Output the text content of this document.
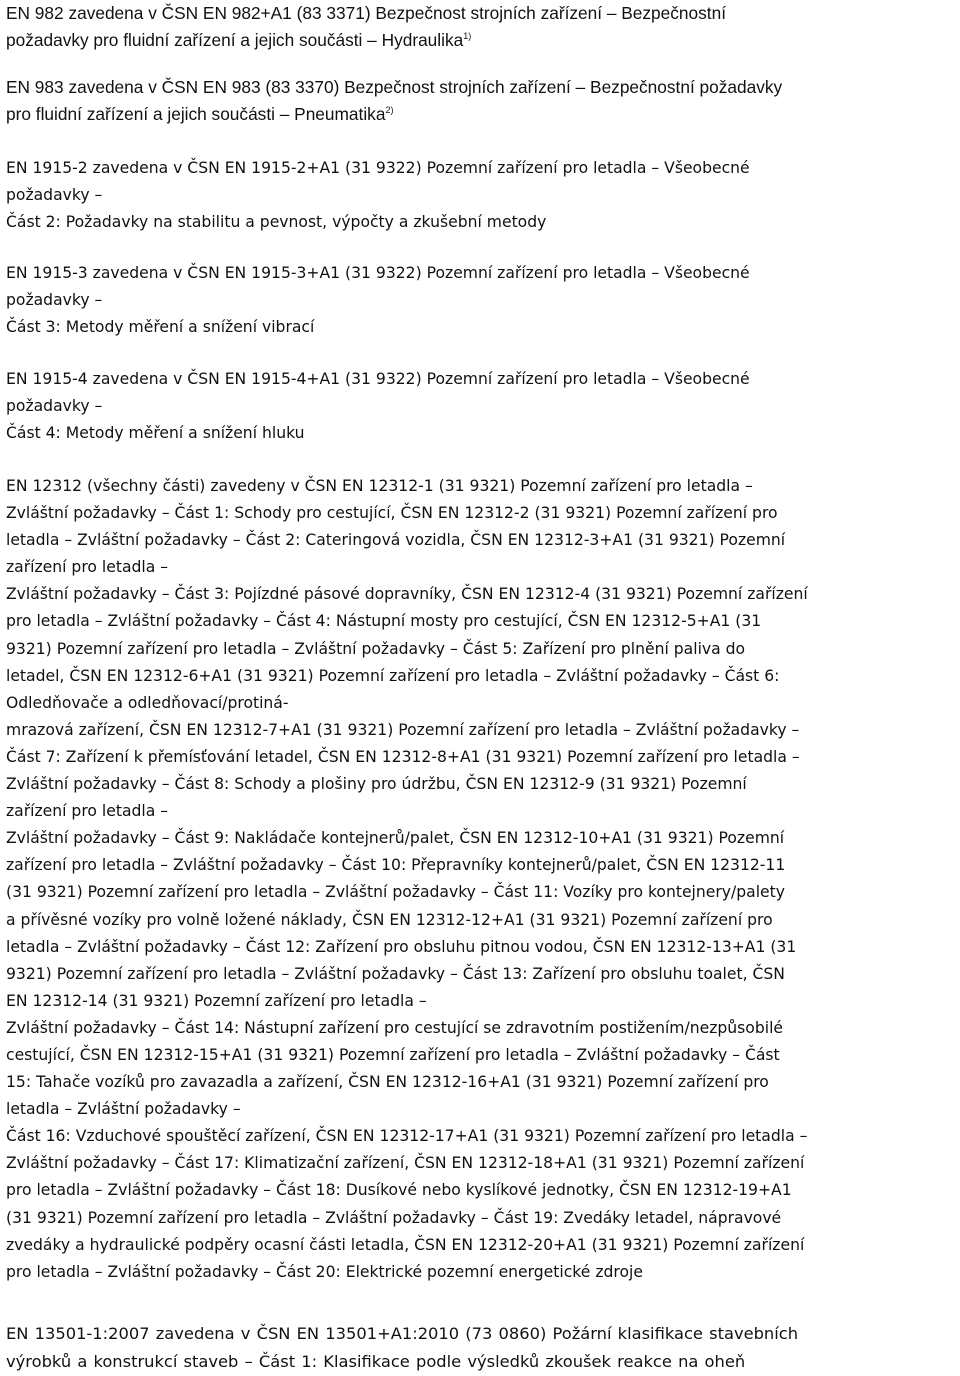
EN 982 zavedena v ČSN EN 982+A1 (83 3371) Bezpečnost strojních zařízení – Bezpečnostní
požadavky pro fluidní zařízení a jejich součásti – Hydraulika$^{1)}$

EN 983 zavedena v ČSN EN 983 (83 3370) Bezpečnost strojních zařízení – Bezpečnostní požadavky
pro fluidní zařízení a jejich součásti – Pneumatika$^{2)}$

EN 1915-2 zavedena v ČSN EN 1915-2+A1 (31 9322) Pozemní zařízení pro letadla – Všeobecné
požadavky –
Část 2: Požadavky na stabilitu a pevnost, výpočty a zkušební metody

EN 1915-3 zavedena v ČSN EN 1915-3+A1 (31 9322) Pozemní zařízení pro letadla – Všeobecné
požadavky –
Část 3: Metody měření a snížení vibrací

EN 1915-4 zavedena v ČSN EN 1915-4+A1 (31 9322) Pozemní zařízení pro letadla – Všeobecné
požadavky –
Část 4: Metody měření a snížení hluku

EN 12312 (všechny části) zavedeny v ČSN EN 12312-1 (31 9321) Pozemní zařízení pro letadla –
Zvláštní požadavky – Část 1: Schody pro cestující, ČSN EN 12312-2 (31 9321) Pozemní zařízení pro
letadla – Zvláštní požadavky – Část 2: Cateringová vozidla, ČSN EN 12312-3+A1 (31 9321) Pozemní
zařízení pro letadla –
Zvláštní požadavky – Část 3: Pojízdné pásové dopravníky, ČSN EN 12312-4 (31 9321) Pozemní zařízení
pro letadla – Zvláštní požadavky – Část 4: Nástupní mosty pro cestující, ČSN EN 12312-5+A1 (31
9321) Pozemní zařízení pro letadla – Zvláštní požadavky – Část 5: Zařízení pro plnění paliva do
letadel, ČSN EN 12312-6+A1 (31 9321) Pozemní zařízení pro letadla – Zvláštní požadavky – Část 6:
Odledňovače a odledňovací/protiná-
mrazová zařízení, ČSN EN 12312-7+A1 (31 9321) Pozemní zařízení pro letadla – Zvláštní požadavky –
Část 7: Zařízení k přemísťování letadel, ČSN EN 12312-8+A1 (31 9321) Pozemní zařízení pro letadla –
Zvláštní požadavky – Část 8: Schody a plošiny pro údržbu, ČSN EN 12312-9 (31 9321) Pozemní
zařízení pro letadla –
Zvláštní požadavky – Část 9: Nakládače kontejnerů/palet, ČSN EN 12312-10+A1 (31 9321) Pozemní
zařízení pro letadla – Zvláštní požadavky – Část 10: Přepravníky kontejnerů/palet, ČSN EN 12312-11
(31 9321) Pozemní zařízení pro letadla – Zvláštní požadavky – Část 11: Vozíky pro kontejnery/palety
a přívěsné vozíky pro volně ložené náklady, ČSN EN 12312-12+A1 (31 9321) Pozemní zařízení pro
letadla – Zvláštní požadavky – Část 12: Zařízení pro obsluhu pitnou vodou, ČSN EN 12312-13+A1 (31
9321) Pozemní zařízení pro letadla – Zvláštní požadavky – Část 13: Zařízení pro obsluhu toalet, ČSN
EN 12312-14 (31 9321) Pozemní zařízení pro letadla –
Zvláštní požadavky – Část 14: Nástupní zařízení pro cestující se zdravotním postižením/nezpůsobilé
cestující, ČSN EN 12312-15+A1 (31 9321) Pozemní zařízení pro letadla – Zvláštní požadavky – Část
15: Tahače vozíků pro zavazadla a zařízení, ČSN EN 12312-16+A1 (31 9321) Pozemní zařízení pro
letadla – Zvláštní požadavky –
Část 16: Vzduchové spouštěcí zařízení, ČSN EN 12312-17+A1 (31 9321) Pozemní zařízení pro letadla –
Zvláštní požadavky – Část 17: Klimatizační zařízení, ČSN EN 12312-18+A1 (31 9321) Pozemní zařízení
pro letadla – Zvláštní požadavky – Část 18: Dusíkové nebo kyslíkové jednotky, ČSN EN 12312-19+A1
(31 9321) Pozemní zařízení pro letadla – Zvláštní požadavky – Část 19: Zvedáky letadel, nápravové
zvedáky a hydraulické podpěry ocasní části letadla, ČSN EN 12312-20+A1 (31 9321) Pozemní zařízení
pro letadla – Zvláštní požadavky – Část 20: Elektrické pozemní energetické zdroje

EN 13501-1:2007 zavedena v ČSN EN 13501+A1:2010 (73 0860) Požární klasifikace stavebních
výrobků a konstrukcí staveb – Část 1: Klasifikace podle výsledků zkoušek reakce na oheň
